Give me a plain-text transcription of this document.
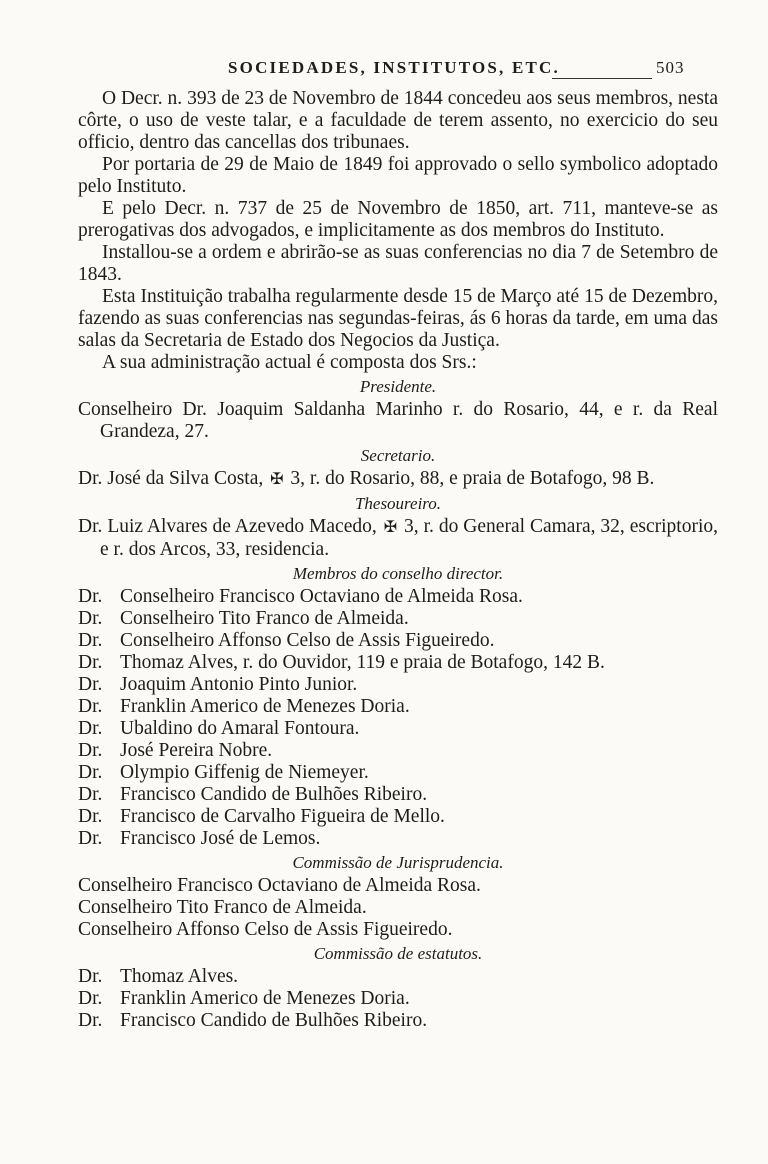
SOCIEDADES, INSTITUTOS, ETC.	503

O Decr. n. 393 de 23 de Novembro de 1844 concedeu aos seus membros, nesta côrte, o uso de veste talar, e a faculdade de terem assento, no exercicio do seu officio, dentro das cancellas dos tribunaes.

Por portaria de 29 de Maio de 1849 foi approvado o sello symbolico adoptado pelo Instituto.

E pelo Decr. n. 737 de 25 de Novembro de 1850, art. 711, manteve-se as prerogativas dos advogados, e implicitamente as dos membros do Instituto.

Installou-se a ordem e abrirão-se as suas conferencias no dia 7 de Setembro de 1843.

Esta Instituição trabalha regularmente desde 15 de Março até 15 de Dezembro, fazendo as suas conferencias nas segundas-feiras, ás 6 horas da tarde, em uma das salas da Secretaria de Estado dos Negocios da Justiça.

A sua administração actual é composta dos Srs.:

Presidente.

Conselheiro Dr. Joaquim Saldanha Marinho r. do Rosario, 44, e r. da Real Grandeza, 27.

Secretario.

Dr. José da Silva Costa, ✠ 3, r. do Rosario, 88, e praia de Botafogo, 98 B.

Thesoureiro.

Dr. Luiz Alvares de Azevedo Macedo, ✠ 3, r. do General Camara, 32, escriptorio, e r. dos Arcos, 33, residencia.

Membros do conselho director.

Dr. Conselheiro Francisco Octaviano de Almeida Rosa.

Dr. Conselheiro Tito Franco de Almeida.

Dr. Conselheiro Affonso Celso de Assis Figueiredo.

Dr. Thomaz Alves, r. do Ouvidor, 119 e praia de Botafogo, 142 B.

Dr. Joaquim Antonio Pinto Junior.

Dr. Franklin Americo de Menezes Doria.

Dr. Ubaldino do Amaral Fontoura.

Dr. José Pereira Nobre.

Dr. Olympio Giffenig de Niemeyer.

Dr. Francisco Candido de Bulhões Ribeiro.

Dr. Francisco de Carvalho Figueira de Mello.

Dr. Francisco José de Lemos.

Commissão de Jurisprudencia.

Conselheiro Francisco Octaviano de Almeida Rosa.

Conselheiro Tito Franco de Almeida.

Conselheiro Affonso Celso de Assis Figueiredo.

Commissão de estatutos.

Dr. Thomaz Alves.

Dr. Franklin Americo de Menezes Doria.

Dr. Francisco Candido de Bulhões Ribeiro.
